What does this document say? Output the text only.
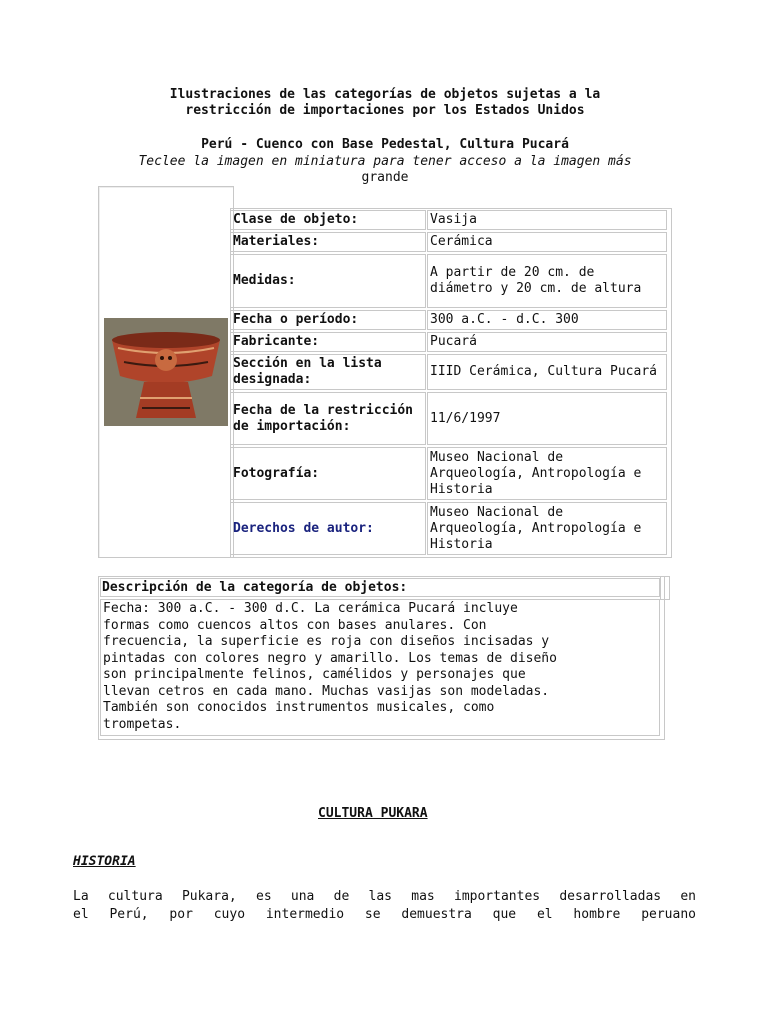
Ilustraciones de las categorías de objetos sujetas a la
restricción de importaciones por los Estados Unidos
Perú - Cuenco con Base Pedestal, Cultura Pucará
Teclee la imagen en miniatura para tener acceso a la imagen más
grande
Clase de objeto:	Vasija
Materiales:	Cerámica
Medidas:
A partir de 20 cm. de diámetro y 20 cm. de altura
Fecha o período:	300 a.C. - d.C. 300
Fabricante:	Pucará
Sección en la lista designada:
IIID Cerámica, Cultura Pucará
Fecha de la restricción de importación:
11/6/1997
Fotografía:
Museo Nacional de Arqueología, Antropología e Historia
Derechos de autor:
Museo Nacional de Arqueología, Antropología e Historia
Descripción de la categoría de objetos:
Fecha: 300 a.C. - 300 d.C. La cerámica Pucará incluye
formas como cuencos altos con bases anulares. Con
frecuencia, la superficie es roja con diseños incisadas y
pintadas con colores negro y amarillo. Los temas de diseño
son principalmente felinos, camélidos y personajes que
llevan cetros en cada mano. Muchas vasijas son modeladas.
También son conocidos instrumentos musicales, como
trompetas.
CULTURA PUKARA
HISTORIA
La cultura Pukara, es una de las mas importantes desarrolladas en
el Perú, por cuyo intermedio se demuestra que el hombre peruano
